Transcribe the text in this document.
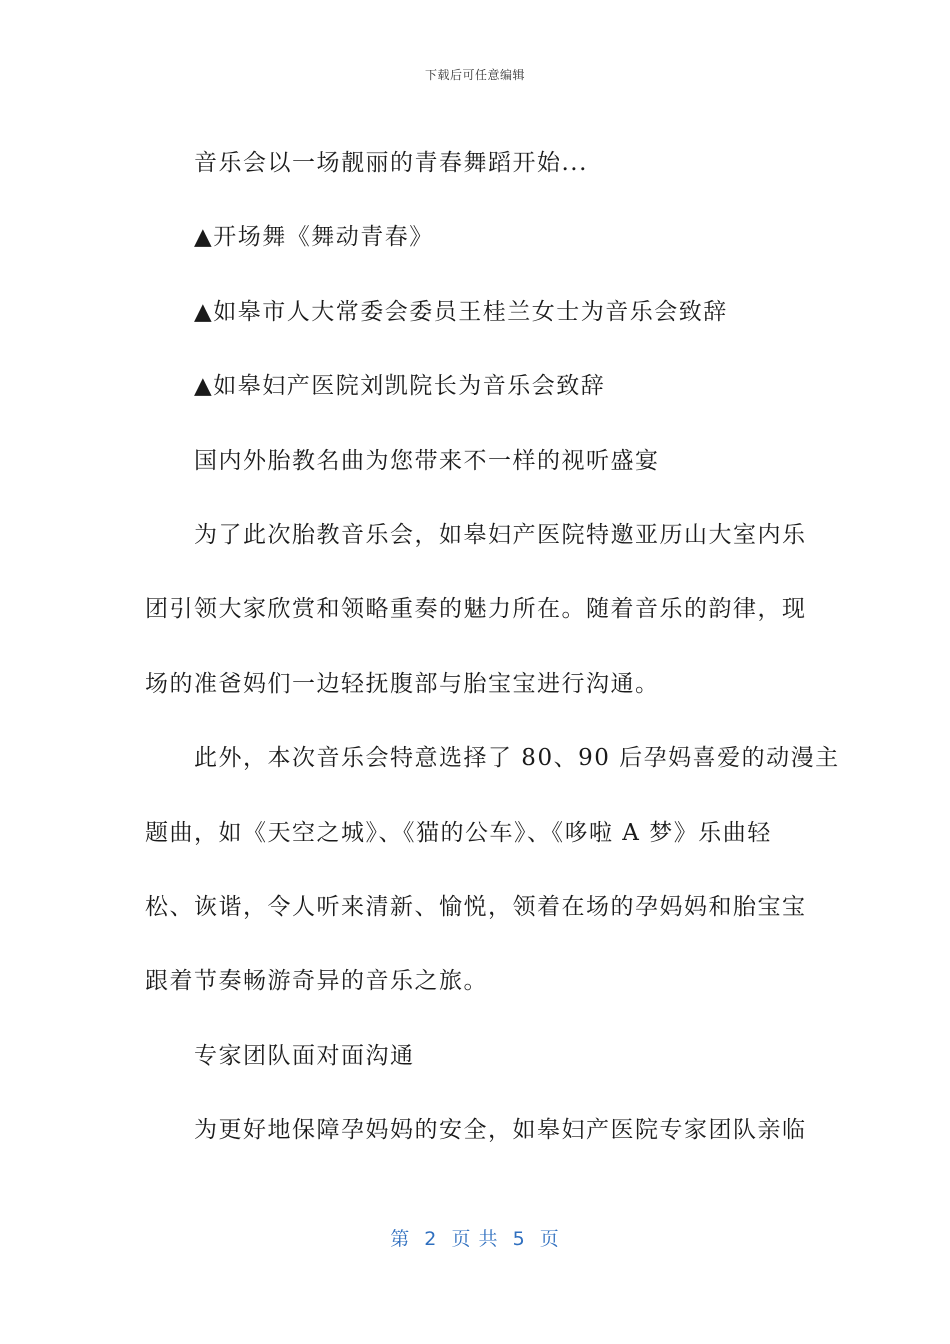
下载后可任意编辑

音乐会以一场靓丽的青春舞蹈开始...

▲开场舞《舞动青春》

▲如皋市人大常委会委员王桂兰女士为音乐会致辞

▲如皋妇产医院刘凯院长为音乐会致辞

国内外胎教名曲为您带来不一样的视听盛宴

为了此次胎教音乐会，如皋妇产医院特邀亚历山大室内乐

团引领大家欣赏和领略重奏的魅力所在。随着音乐的韵律，现

场的准爸妈们一边轻抚腹部与胎宝宝进行沟通。

此外，本次音乐会特意选择了 80、90 后孕妈喜爱的动漫主

题曲，如《天空之城》、《猫的公车》、《哆啦 A 梦》乐曲轻

松、诙谐，令人听来清新、愉悦，领着在场的孕妈妈和胎宝宝

跟着节奏畅游奇异的音乐之旅。

专家团队面对面沟通

为更好地保障孕妈妈的安全，如皋妇产医院专家团队亲临

第  2  页 共  5  页
